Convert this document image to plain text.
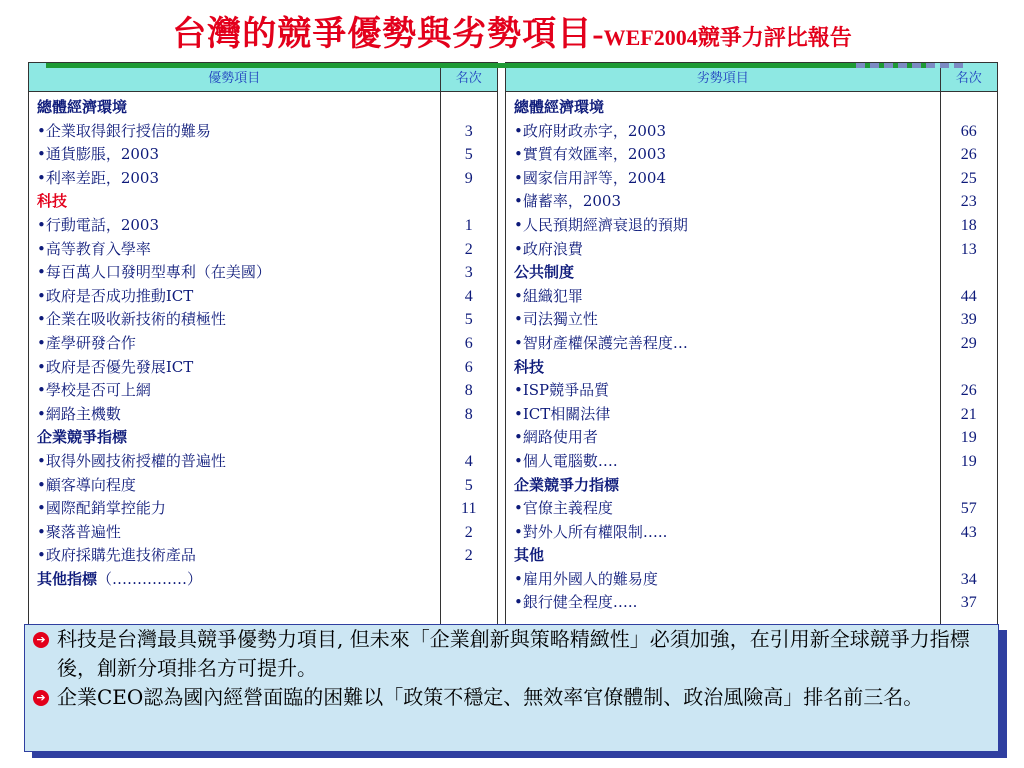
台灣的競爭優勢與劣勢項目-WEF2004競爭力評比報告
優勢項目	名次

總體經濟環境	
•企業取得銀行授信的難易	3
•通貨膨脹，2003	5
•利率差距，2003	9
科技	
•行動電話，2003	1
•高等教育入學率	2
•每百萬人口發明型專利（在美國）	3
•政府是否成功推動ICT	4
•企業在吸收新技術的積極性	5
•產學研發合作	6
•政府是否優先發展ICT	6
•學校是否可上網	8
•網路主機數	8
企業競爭指標	
•取得外國技術授權的普遍性	4
•顧客導向程度	5
•國際配銷掌控能力	11
•聚落普遍性	2
•政府採購先進技術產品	2
其他指標（……………）	

劣勢項目	名次

總體經濟環境	
•政府財政赤字，2003	66
•實質有效匯率，2003	26
•國家信用評等，2004	25
•儲蓄率，2003	23
•人民預期經濟衰退的預期	18
•政府浪費	13
公共制度	
•組織犯罪	44
•司法獨立性	39
•智財產權保護完善程度…	29
科技	
•ISP競爭品質	26
•ICT相關法律	21
•網路使用者	19
•個人電腦數….	19
企業競爭力指標	
•官僚主義程度	57
•對外人所有權限制…..	43
其他	
•雇用外國人的難易度	34
•銀行健全程度…..	37

➔ 科技是台灣最具競爭優勢力項目, 但未來「企業創新與策略精緻性」必須加強，在引用新全球競爭力指標後，創新分項排名方可提升。
➔ 企業CEO認為國內經營面臨的困難以「政策不穩定、無效率官僚體制、政治風險高」排名前三名。
